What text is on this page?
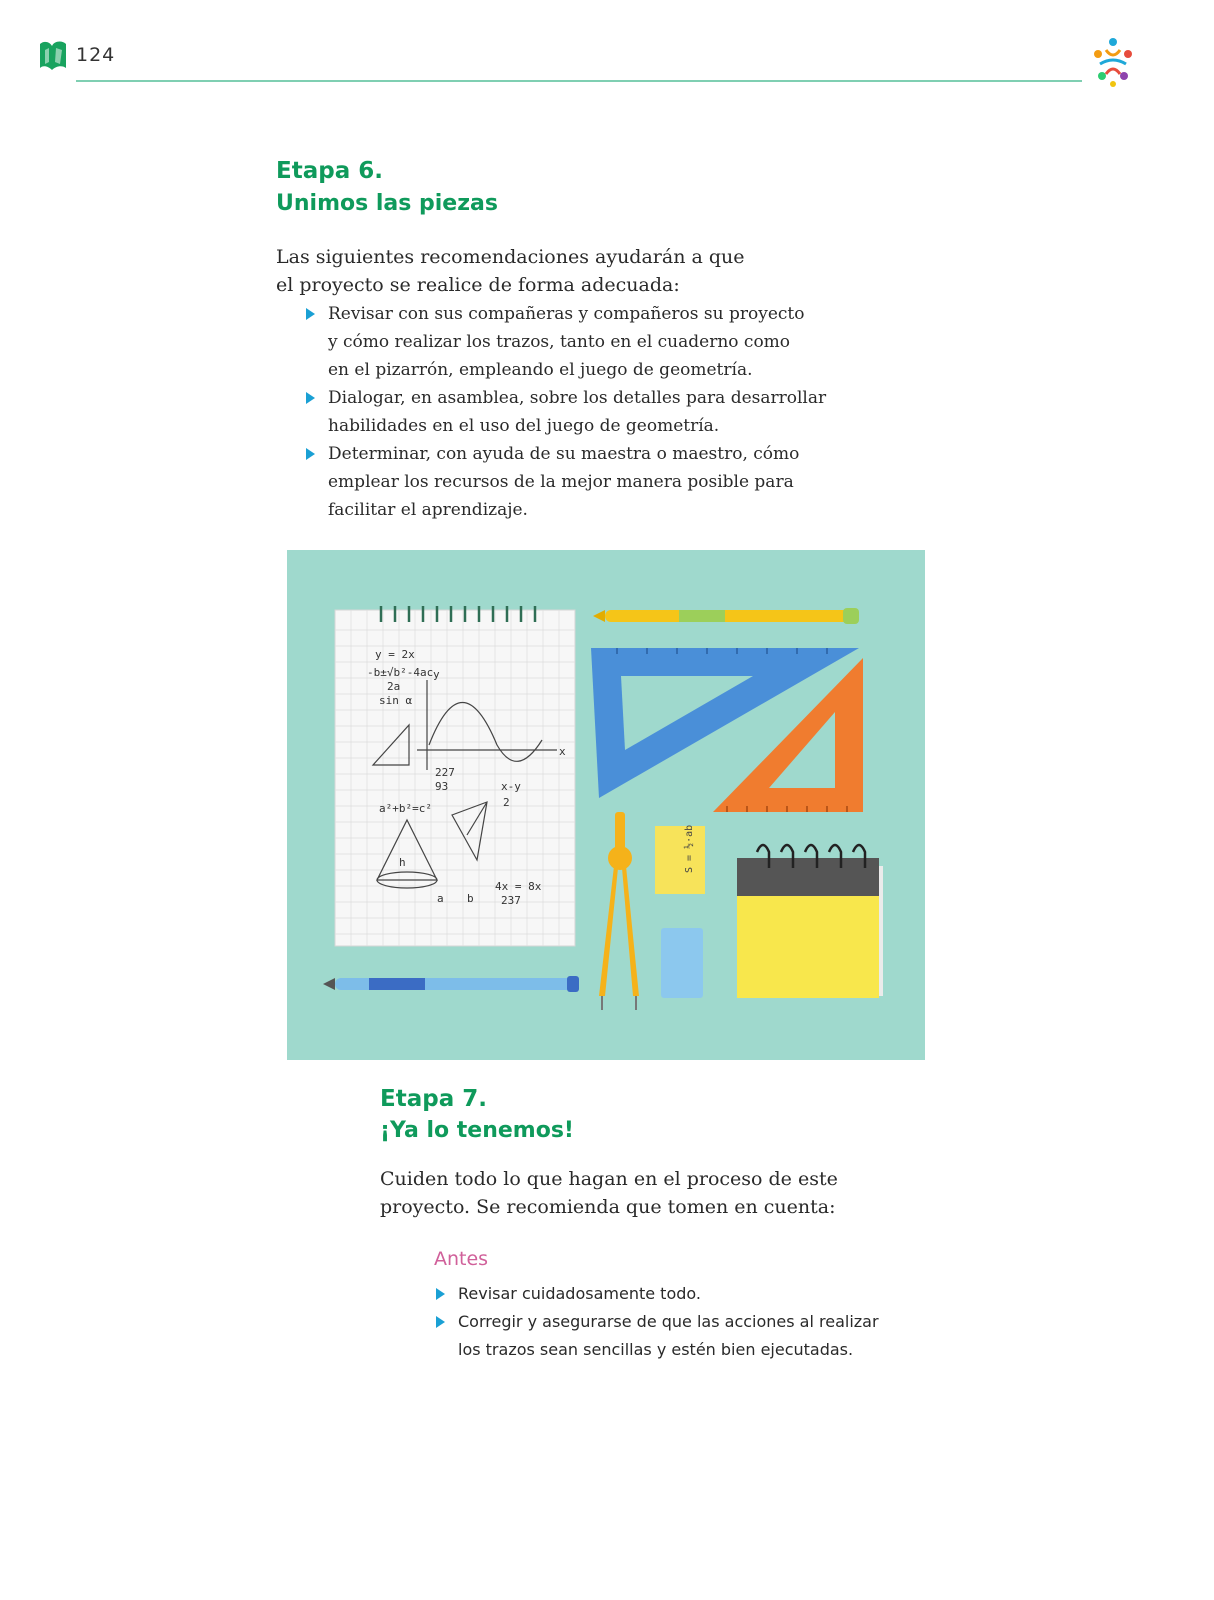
124
Etapa 6.
Unimos las piezas

Las siguientes recomendaciones ayudarán a que
el proyecto se realice de forma adecuada:

Revisar con sus compañeras y compañeros su proyecto
y cómo realizar los trazos, tanto en el cuaderno como
en el pizarrón, empleando el juego de geometría.
Dialogar, en asamblea, sobre los detalles para desarrollar
habilidades en el uso del juego de geometría.
Determinar, con ayuda de su maestra o maestro, cómo
emplear los recursos de la mejor manera posible para
facilitar el aprendizaje.
y = 2x
-b±√b²-4ac
2a
sin α
x
y
227
93	x-y
a²+b²=c²	2
h
a b
4x = 8x
237
S = ½·ab
Etapa 7.
¡Ya lo tenemos!

Cuiden todo lo que hagan en el proceso de este
proyecto. Se recomienda que tomen en cuenta:

Antes

Revisar cuidadosamente todo.
Corregir y asegurarse de que las acciones al realizar
los trazos sean sencillas y estén bien ejecutadas.
